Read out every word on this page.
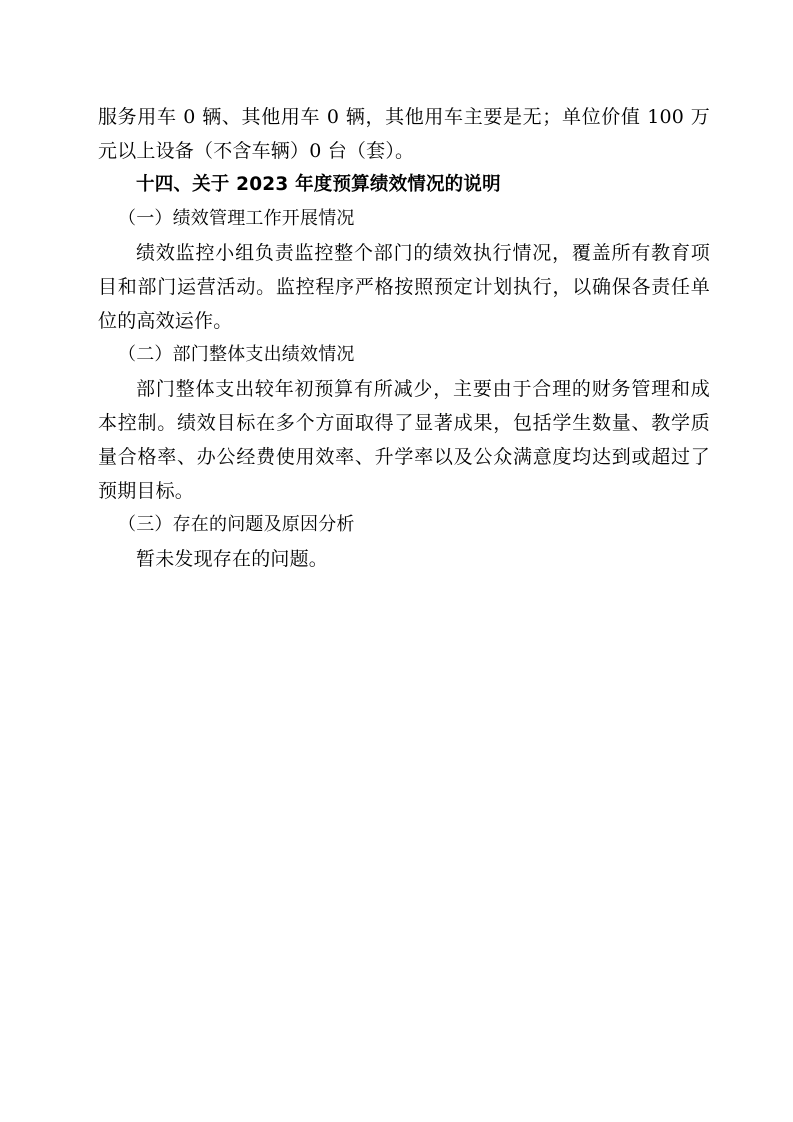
服务用车 0 辆、其他用车 0 辆，其他用车主要是无；单位价值 100 万元以上设备（不含车辆）0 台（套）。

十四、关于 2023 年度预算绩效情况的说明

（一）绩效管理工作开展情况

绩效监控小组负责监控整个部门的绩效执行情况，覆盖所有教育项目和部门运营活动。监控程序严格按照预定计划执行，以确保各责任单位的高效运作。

（二）部门整体支出绩效情况

部门整体支出较年初预算有所减少，主要由于合理的财务管理和成本控制。绩效目标在多个方面取得了显著成果，包括学生数量、教学质量合格率、办公经费使用效率、升学率以及公众满意度均达到或超过了预期目标。

（三）存在的问题及原因分析

暂未发现存在的问题。
